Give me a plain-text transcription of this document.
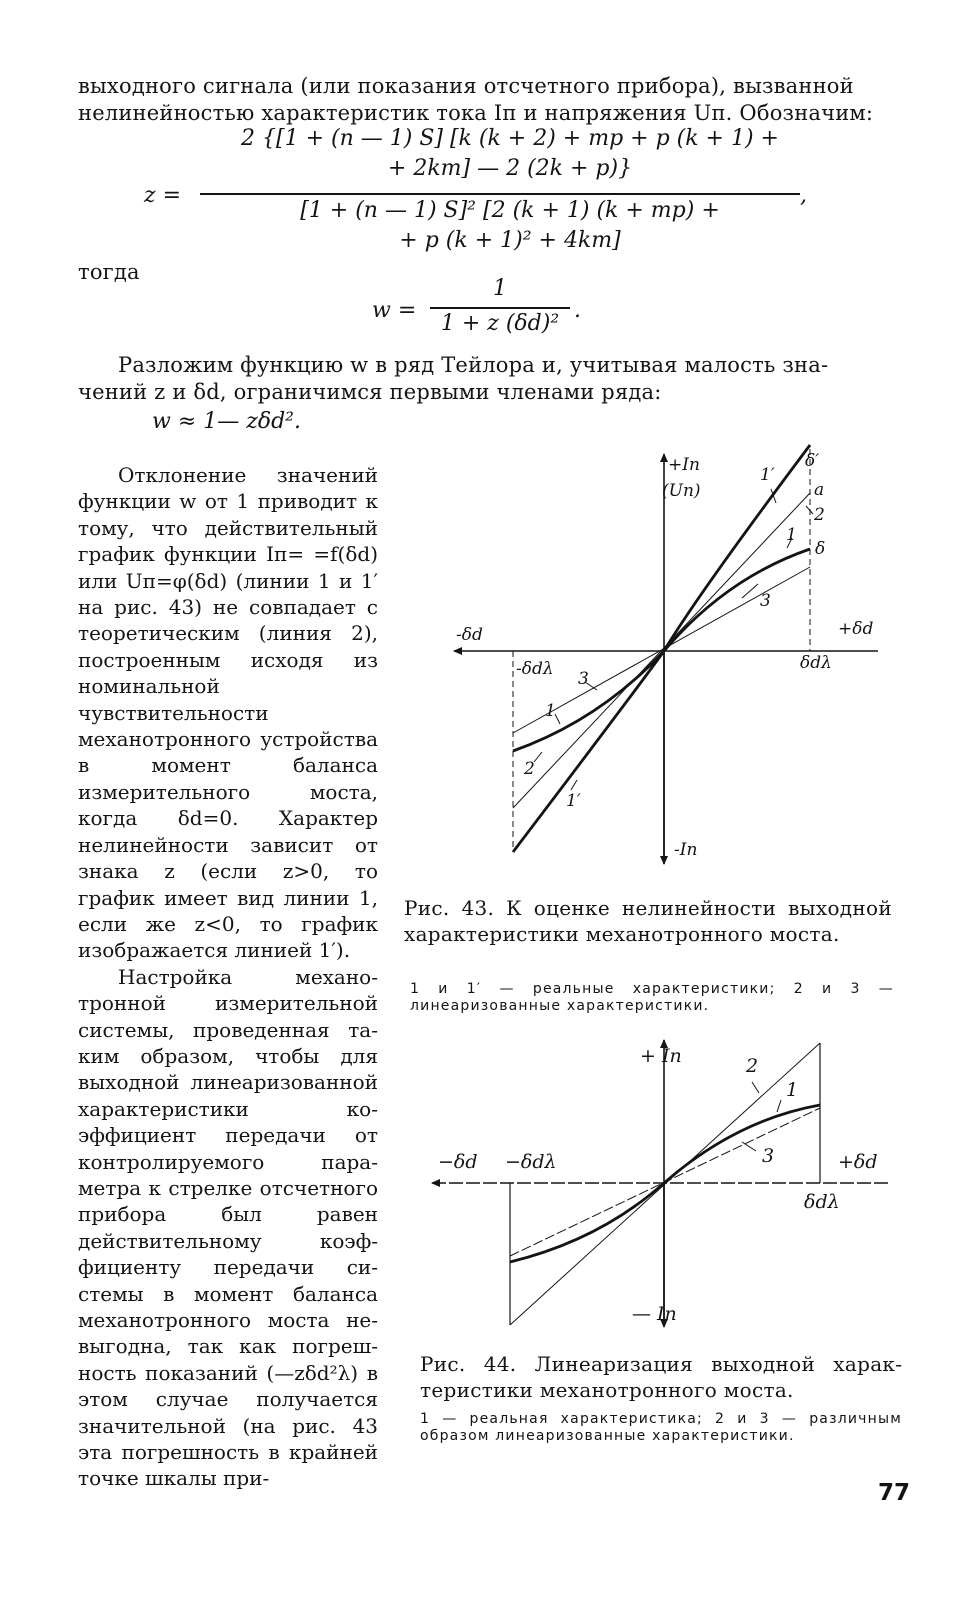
выходного сигнала (или показания отсчетного прибора), вызванной
нелинейностью характеристик тока Iп и напряжения Uп. Обозначим:
z =
2 {[1 + (n — 1) S] [k (k + 2) + mp + p (k + 1) +
+ 2km] — 2 (2k + p)}
,
[1 + (n — 1) S]² [2 (k + 1) (k + mp) +
+ p (k + 1)² + 4km]
тогда
w =
1
1 + z (δd)²
.
Разложим функцию w в ряд Тейлора и, учитывая малость зна-
чений z и δd, ограничимся первыми членами ряда:
w ≈ 1— zδd².

Отклонение значений функции w от 1 приводит к тому, что действительный график функции Iп= =f(δd) или Uп=φ(δd) (линии 1 и 1′ на рис. 43) не совпадает с теоретическим (линия 2), построенным исходя из номинальной чувствительности механотронного устройства в момент баланса измерительного моста, когда δd=0. Характер нелинейности зависит от знака z (если z>0, то график имеет вид линии 1, если же z<0, то график изображается линией 1′).

Настройка механотронной измерительной системы, проведенная таким образом, чтобы для выходной линеаризованной характеристики коэффициент передачи от контролируемого параметра к стрелке отсчетного прибора был равен действительному коэффициенту передачи системы в момент баланса механотронного моста невыгодна, так как погрешность показаний (—zδd²λ) в этом случае получается значительной (на рис. 43 эта погрешность в крайней точке шкалы при-

+Iп
(Uп)
-Iп
-δd	+δd
-δdλ	δdλ
δ′
a
2
δ
1′
1
3
3
1
2
1′
Рис. 43. К оценке нелинейности выходной характеристики механотронного моста.
1 и 1′ — реальные характеристики; 2 и 3 — линеаризованные характеристики.
+ Iп
— Iп
−δd −δdλ	+δd
δdλ
2
1
3
Рис. 44. Линеаризация выходной характеристики механотронного моста.
1 — реальная характеристика; 2 и 3 — различным образом линеаризованные характеристики.
77
